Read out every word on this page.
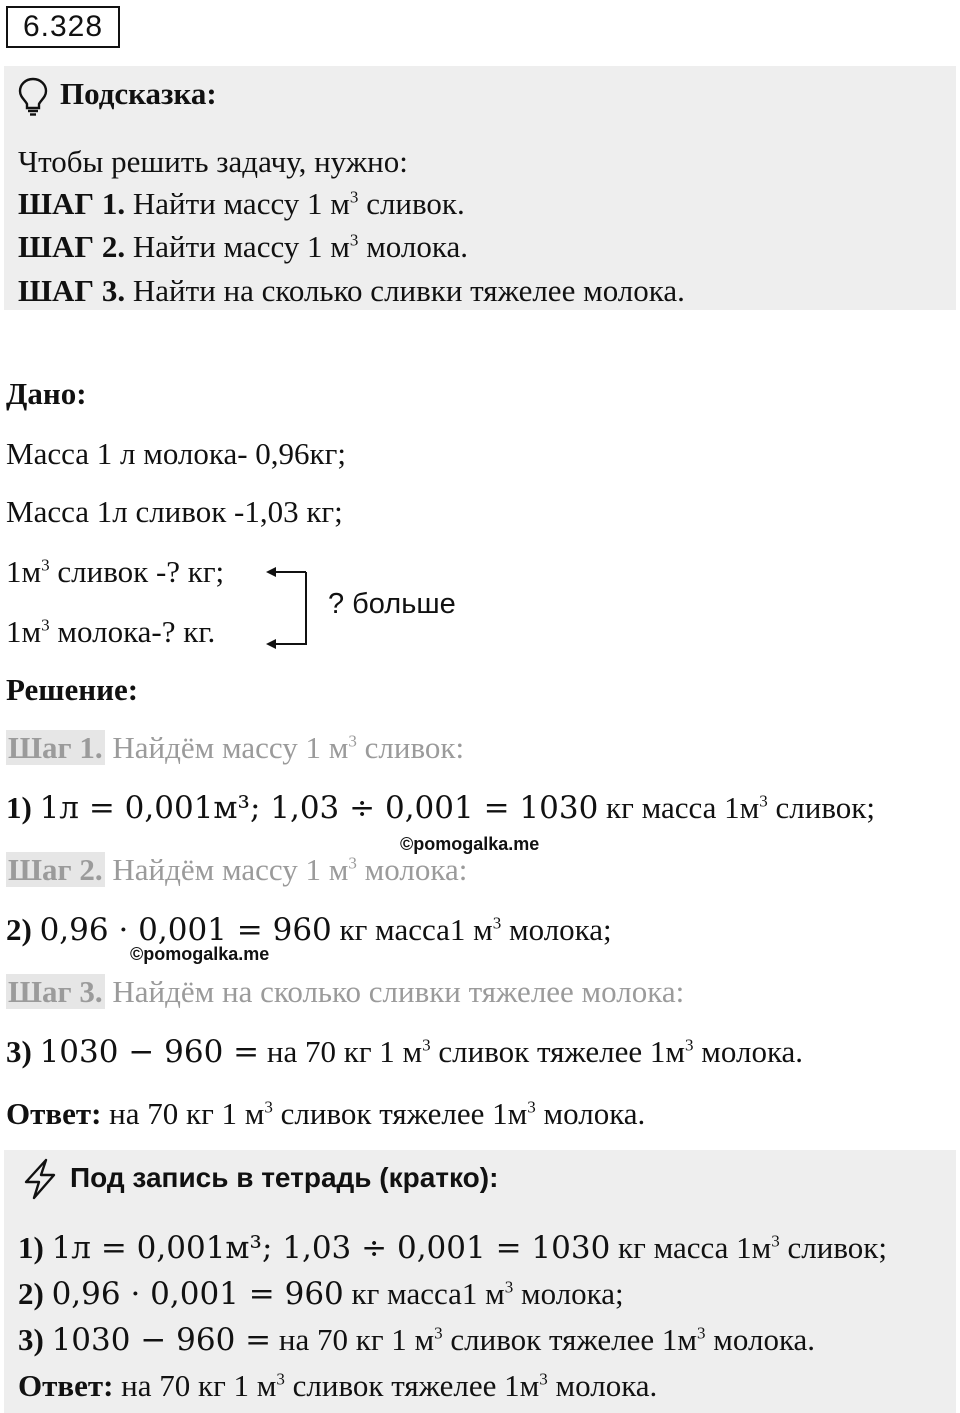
6.328
Подсказка:
Чтобы решить задачу, нужно:
ШАГ 1. Найти массу 1 $м^3$ сливок.
ШАГ 2. Найти массу 1 $м^3$ молока.
ШАГ 3. Найти на сколько сливки тяжелее молока.
Дано:
Масса 1 л молока- 0,96кг;
Масса 1л сливок -1,03 кг;
$1м^3$ сливок -? кг;
$1м^3$ молока-? кг.
? больше
Решение:
Шаг 1. Найдём массу 1 $м^3$ сливок:
1) 1л = 0,001м³; 1,03 ÷ 0,001 = 1030 кг масса $1м^3$ сливок;
©pomogalka.me
Шаг 2. Найдём массу 1 $м^3$ молока:
2) 0,96 · 0,001 = 960 кг масса1 $м^3$ молока;
©pomogalka.me
Шаг 3. Найдём на сколько сливки тяжелее молока:
3) 1030 − 960 = на 70 кг 1 $м^3$ сливок тяжелее $1м^3$ молока.
Ответ: на 70 кг 1 $м^3$ сливок тяжелее $1м^3$ молока.
Под запись в тетрадь (кратко):
1) 1л = 0,001м³; 1,03 ÷ 0,001 = 1030 кг масса $1м^3$ сливок;
2) 0,96 · 0,001 = 960 кг масса1 $м^3$ молока;
3) 1030 − 960 = на 70 кг 1 $м^3$ сливок тяжелее $1м^3$ молока.
Ответ: на 70 кг 1 $м^3$ сливок тяжелее $1м^3$ молока.
